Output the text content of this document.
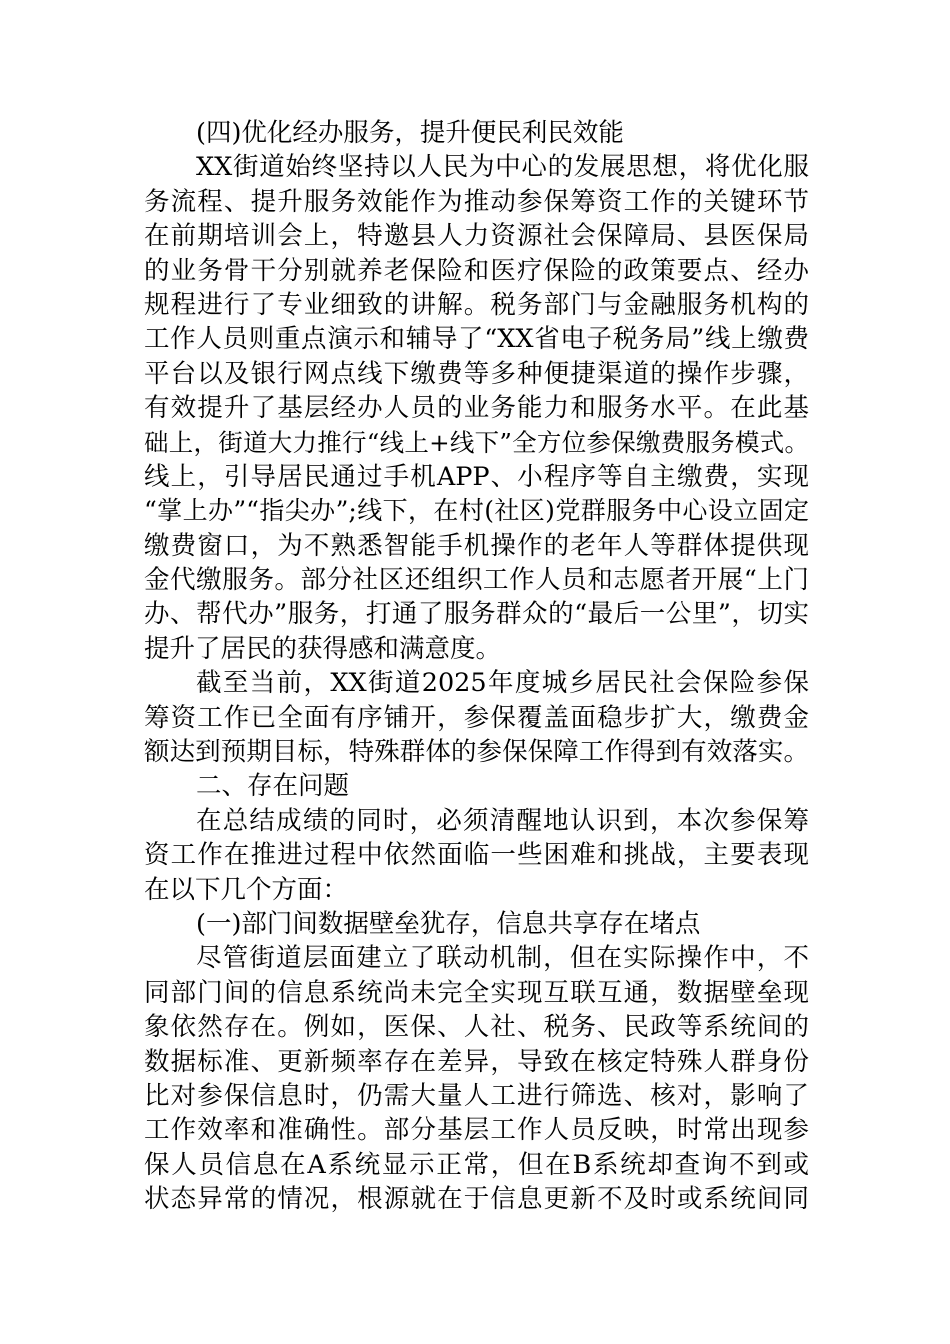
(四)优化经办服务，提升便民利民效能
XX街道始终坚持以人民为中心的发展思想，将优化服
务流程、提升服务效能作为推动参保筹资工作的关键环节
在前期培训会上，特邀县人力资源社会保障局、县医保局
的业务骨干分别就养老保险和医疗保险的政策要点、经办
规程进行了专业细致的讲解。税务部门与金融服务机构的
工作人员则重点演示和辅导了“XX省电子税务局”线上缴费
平台以及银行网点线下缴费等多种便捷渠道的操作步骤，
有效提升了基层经办人员的业务能力和服务水平。在此基
础上，街道大力推行“线上+线下”全方位参保缴费服务模式。
线上，引导居民通过手机APP、小程序等自主缴费，实现
“掌上办”“指尖办”;线下，在村(社区)党群服务中心设立固定
缴费窗口，为不熟悉智能手机操作的老年人等群体提供现
金代缴服务。部分社区还组织工作人员和志愿者开展“上门
办、帮代办”服务，打通了服务群众的“最后一公里”，切实
提升了居民的获得感和满意度。
截至当前，XX街道2025年度城乡居民社会保险参保
筹资工作已全面有序铺开，参保覆盖面稳步扩大，缴费金
额达到预期目标，特殊群体的参保保障工作得到有效落实。
二、存在问题
在总结成绩的同时，必须清醒地认识到，本次参保筹
资工作在推进过程中依然面临一些困难和挑战，主要表现
在以下几个方面：
(一)部门间数据壁垒犹存，信息共享存在堵点
尽管街道层面建立了联动机制，但在实际操作中，不
同部门间的信息系统尚未完全实现互联互通，数据壁垒现
象依然存在。例如，医保、人社、税务、民政等系统间的
数据标准、更新频率存在差异，导致在核定特殊人群身份
比对参保信息时，仍需大量人工进行筛选、核对，影响了
工作效率和准确性。部分基层工作人员反映，时常出现参
保人员信息在A系统显示正常，但在B系统却查询不到或
状态异常的情况，根源就在于信息更新不及时或系统间同
